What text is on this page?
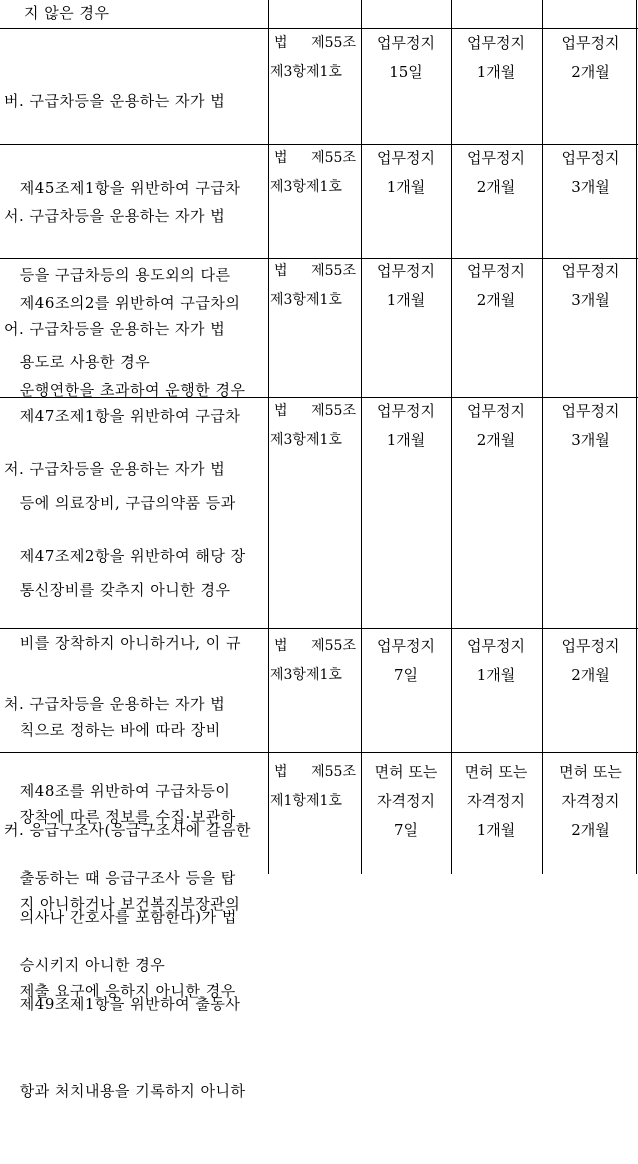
지 않은 경우

버. 구급차등을 운용하는 자가 법

제45조제1항을 위반하여 구급차

등을 구급차등의 용도외의 다른

용도로 사용한 경우

법 제55조
제3항제1호
업무정지
15일
업무정지
1개월
업무정지
2개월

서. 구급차등을 운용하는 자가 법

제46조의2를 위반하여 구급차의

운행연한을 초과하여 운행한 경우

법 제55조
제3항제1호
업무정지
1개월
업무정지
2개월
업무정지
3개월

어. 구급차등을 운용하는 자가 법

제47조제1항을 위반하여 구급차

등에 의료장비, 구급의약품 등과

통신장비를 갖추지 아니한 경우

법 제55조
제3항제1호
업무정지
1개월
업무정지
2개월
업무정지
3개월

저. 구급차등을 운용하는 자가 법

제47조제2항을 위반하여 해당 장

비를 장착하지 아니하거나, 이 규

칙으로 정하는 바에 따라 장비

장착에 따른 정보를 수집·보관하

지 아니하거나 보건복지부장관의

제출 요구에 응하지 아니한 경우

법 제55조
제3항제1호
업무정지
1개월
업무정지
2개월
업무정지
3개월

처. 구급차등을 운용하는 자가 법

제48조를 위반하여 구급차등이

출동하는 때 응급구조사 등을 탑

승시키지 아니한 경우

법 제55조
제3항제1호
업무정지
7일
업무정지
1개월
업무정지
2개월

커. 응급구조사(응급구조사에 갈음한

의사나 간호사를 포함한다)가 법

제49조제1항을 위반하여 출동사

항과 처치내용을 기록하지 아니하

법 제55조
제1항제1호
면허 또는
자격정지
7일
면허 또는
자격정지
1개월
면허 또는
자격정지
2개월
